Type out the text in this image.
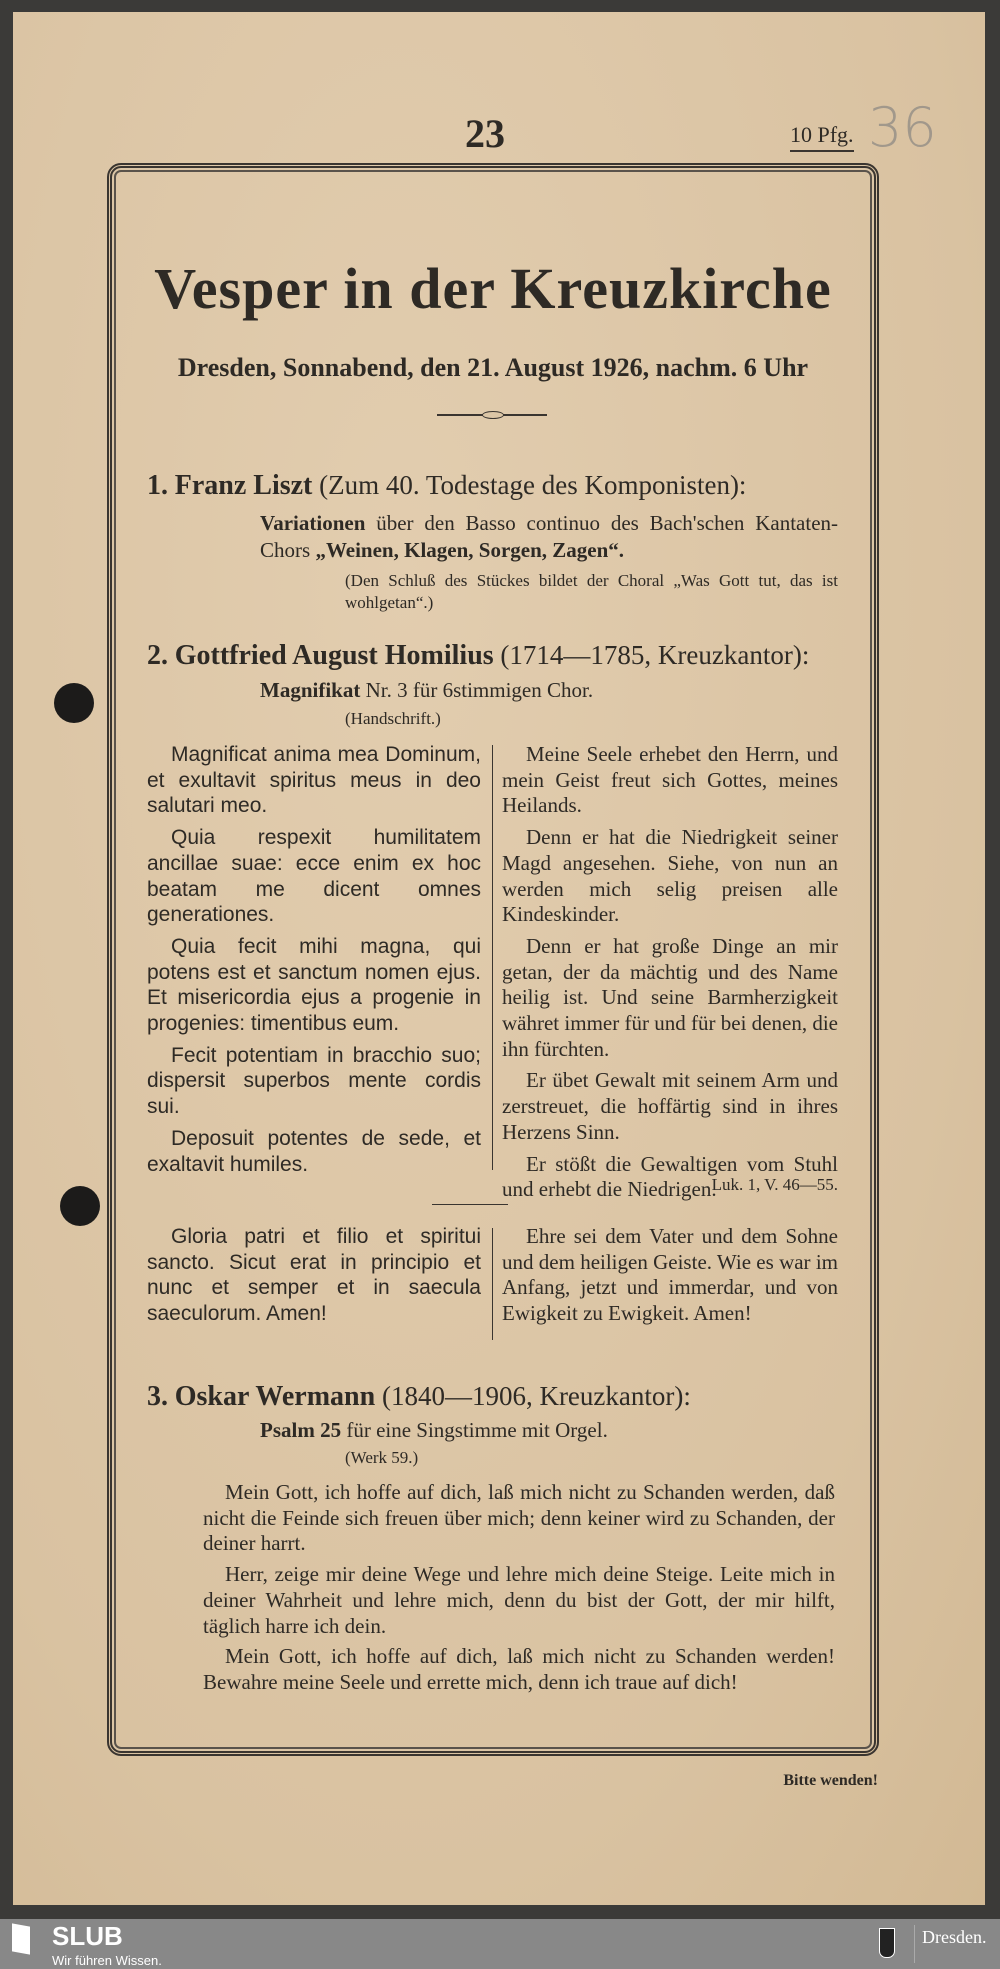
23	10 Pfg. 36
Vesper in der Kreuzkirche
Dresden, Sonnabend, den 21. August 1926, nachm. 6 Uhr
1. Franz Liszt (Zum 40. Todestage des Komponisten):
Variationen über den Basso continuo des Bach'schen Kantaten-Chors „Weinen, Klagen, Sorgen, Zagen“.
(Den Schluß des Stückes bildet der Choral „Was Gott tut, das ist wohlgetan“.)
2. Gottfried August Homilius (1714—1785, Kreuzkantor):
Magnifikat Nr. 3 für 6stimmigen Chor.
(Handschrift.)

Magnificat anima mea Dominum, et exultavit spiritus meus in deo salutari meo.

Quia respexit humilitatem ancillae suae: ecce enim ex hoc beatam me dicent omnes generationes.

Quia fecit mihi magna, qui potens est et sanctum nomen ejus. Et misericordia ejus a progenie in progenies: timentibus eum.

Fecit potentiam in bracchio suo; dispersit superbos mente cordis sui.

Deposuit potentes de sede, et exaltavit humiles.

Meine Seele erhebet den Herrn, und mein Geist freut sich Gottes, meines Heilands.

Denn er hat die Niedrigkeit seiner Magd angesehen. Siehe, von nun an werden mich selig preisen alle Kindeskinder.

Denn er hat große Dinge an mir getan, der da mächtig und des Name heilig ist. Und seine Barmherzigkeit währet immer für und für bei denen, die ihn fürchten.

Er übet Gewalt mit seinem Arm und zerstreuet, die hoffärtig sind in ihres Herzens Sinn.

Er stößt die Gewaltigen vom Stuhl und erhebt die Niedrigen.

Luk. 1, V. 46—55.

Gloria patri et filio et spiritui sancto. Sicut erat in principio et nunc et semper et in saecula saeculorum. Amen!

Ehre sei dem Vater und dem Sohne und dem heiligen Geiste. Wie es war im Anfang, jetzt und immerdar, und von Ewigkeit zu Ewigkeit. Amen!

3. Oskar Wermann (1840—1906, Kreuzkantor):
Psalm 25 für eine Singstimme mit Orgel.
(Werk 59.)

Mein Gott, ich hoffe auf dich, laß mich nicht zu Schanden werden, daß nicht die Feinde sich freuen über mich; denn keiner wird zu Schanden, der deiner harrt.

Herr, zeige mir deine Wege und lehre mich deine Steige. Leite mich in deiner Wahrheit und lehre mich, denn du bist der Gott, der mir hilft, täglich harre ich dein.

Mein Gott, ich hoffe auf dich, laß mich nicht zu Schanden werden! Bewahre meine Seele und errette mich, denn ich traue auf dich!

Bitte wenden!
SLUB
Wir führen Wissen.
Dresden.
